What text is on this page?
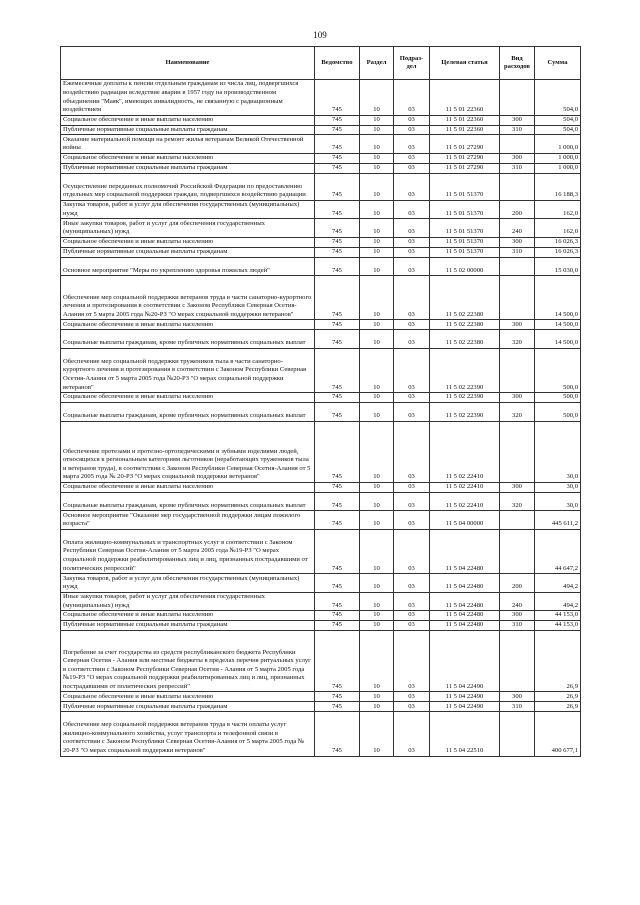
109
Наименование	Ведомство	Раздел	Подраз-дел	Целевая статья	Вид расходов	Сумма
Ежемесячные доплаты к пенсии отдельным гражданам из числа лиц, подвергшихся воздействию радиации вследствие аварии в 1957 году на производственном объединении "Маяк", имеющих инвалидность, не связанную с радиационным воздействием	745	10	03	11 5 01 22360		504,0
Социальное обеспечение и иные выплаты населению	745	10	03	11 5 01 22360	300	504,0
Публичные нормативные социальные выплаты гражданам	745	10	03	11 5 01 22360	310	504,0
Оказание материальной помощи на ремонт жилья ветеранам Великой Отечественной войны	745	10	03	11 5 01 27290		1 000,0
Социальное обеспечение и иные выплаты населению	745	10	03	11 5 01 27290	300	1 000,0
Публичные нормативные социальные выплаты гражданам	745	10	03	11 5 01 27290	310	1 000,0
Осуществление переданных полномочий Российской Федерации по предоставлению отдельных мер социальной поддержки граждан, подвергшихся воздействию радиации	745	10	03	11 5 01 51370		16 188,3
Закупка товаров, работ и услуг для обеспечения государственных (муниципальных) нужд	745	10	03	11 5 01 51370	200	162,0
Иные закупки товаров, работ и услуг для обеспечения государственных (муниципальных) нужд	745	10	03	11 5 01 51370	240	162,0
Социальное обеспечение и иные выплаты населению	745	10	03	11 5 01 51370	300	16 026,3
Публичные нормативные социальные выплаты гражданам	745	10	03	11 5 01 51370	310	16 026,3
Основное мероприятие "Меры по укреплению здоровья пожилых людей"	745	10	03	11 5 02 00000		15 030,0
Обеспечение мер социальной поддержки ветеранов труда в части санаторно-курортного лечения и протезирования в соответствии с Законом Республики Северная Осетия-Алания от 5 марта 2005 года №20-РЗ "О мерах социальной поддержки ветеранов"	745	10	03	11 5 02 22380		14 500,0
Социальное обеспечение и иные выплаты населению	745	10	03	11 5 02 22380	300	14 500,0
Социальные выплаты гражданам, кроме публичных нормативных социальных выплат	745	10	03	11 5 02 22380	320	14 500,0
Обеспечение мер социальной поддержки тружеников тыла в части санаторно-курортного лечения и протезирования в соответствии с Законом Республики Северная Осетия-Алания от 5 марта 2005 года №20-РЗ "О мерах социальной поддержки ветеранов"	745	10	03	11 5 02 22390		500,0
Социальное обеспечение и иные выплаты населению	745	10	03	11 5 02 22390	300	500,0
Социальные выплаты гражданам, кроме публичных нормативных социальных выплат	745	10	03	11 5 02 22390	320	500,0
Обеспечение протезами и протезно-ортопедическими и зубными изделиями людей, относящихся к региональным категориям льготников (неработающих тружеников тыла и ветеранов труда), в соответствии с Законом Республики Северная Осетия-Алания от 5 марта 2005 года № 20-РЗ "О мерах социальной поддержки ветеранов"	745	10	03	11 5 02 22410		30,0
Социальное обеспечение и иные выплаты населению	745	10	03	11 5 02 22410	300	30,0
Социальные выплаты гражданам, кроме публичных нормативных социальных выплат	745	10	03	11 5 02 22410	320	30,0
Основное мероприятие "Оказание мер государственной поддержки лицам пожилого возраста"	745	10	03	11 5 04 00000		445 611,2
Оплата жилищно-коммунальных и транспортных услуг в соответствии с Законом Республики Северная Осетия-Алания от 5 марта 2005 года №19-РЗ "О мерах социальной поддержки реабилитированных лиц и лиц, признанных пострадавшими от политических репрессий"	745	10	03	11 5 04 22480		44 647,2
Закупка товаров, работ и услуг для обеспечения государственных (муниципальных) нужд	745	10	03	11 5 04 22480	200	494,2
Иные закупки товаров, работ и услуг для обеспечения государственных (муниципальных) нужд	745	10	03	11 5 04 22480	240	494,2
Социальное обеспечение и иные выплаты населению	745	10	03	11 5 04 22480	300	44 153,0
Публичные нормативные социальные выплаты гражданам	745	10	03	11 5 04 22480	310	44 153,0
Погребение за счет государства из средств республиканского бюджета Республики Северная Осетия - Алания или местные бюджеты в пределах перечня ритуальных услуг в соответствии с Законом Республики Северная Осетия - Алания от 5 марта 2005 года №19-РЗ "О мерах социальной поддержки реабилитированных лиц и лиц, признанных пострадавшими от политических репрессий"	745	10	03	11 5 04 22490		26,9
Социальное обеспечение и иные выплаты населению	745	10	03	11 5 04 22490	300	26,9
Публичные нормативные социальные выплаты гражданам	745	10	03	11 5 04 22490	310	26,9
Обеспечение мер социальной поддержки ветеранов труда в части оплаты услуг жилищно-коммунального хозяйства, услуг транспорта и телефонной связи в соответствии с Законом Республики Северная Осетия-Алания от 5 марта 2005 года № 20-РЗ "О мерах социальной поддержки ветеранов"	745	10	03	11 5 04 22510		400 677,1
